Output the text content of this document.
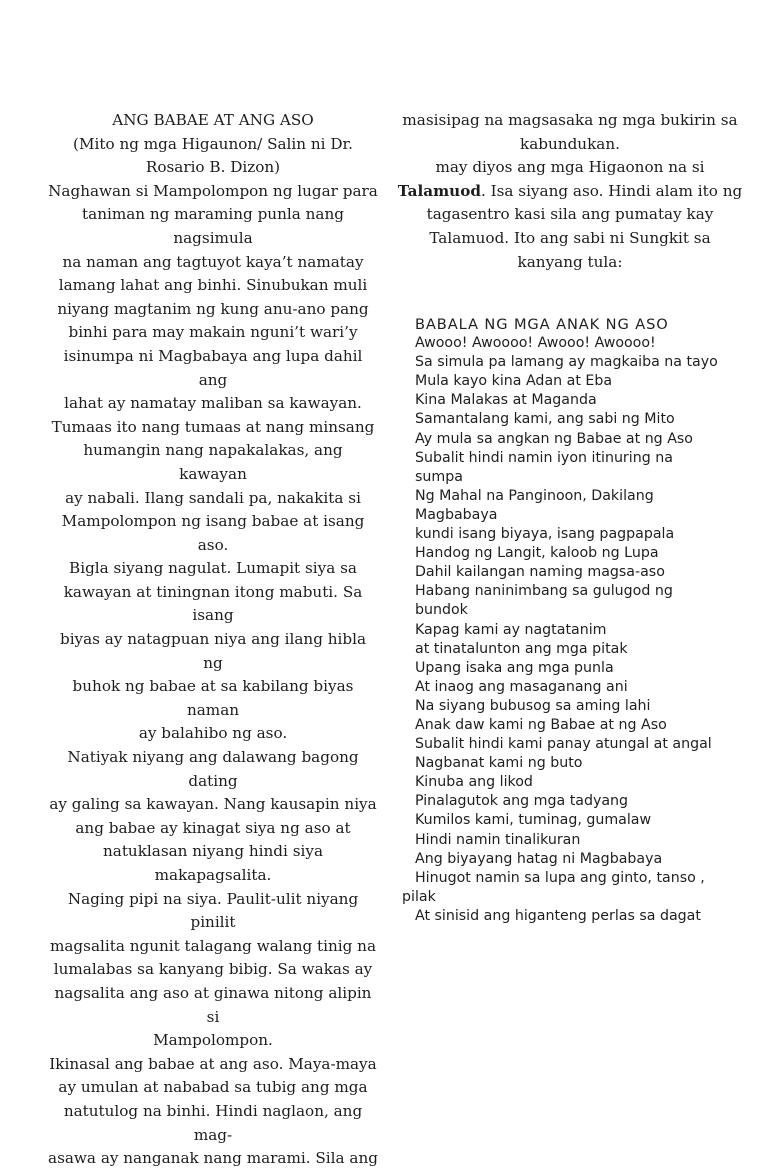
ANG BABAE AT ANG ASO

(Mito ng mga Higaunon/ Salin ni Dr.

Rosario B. Dizon)

Naghawan si Mampolompon ng lugar para

taniman ng maraming punla nang nagsimula

na naman ang tagtuyot kaya’t namatay

lamang lahat ang binhi. Sinubukan muli

niyang magtanim ng kung anu-ano pang

binhi para may makain nguni’t wari’y

isinumpa ni Magbabaya ang lupa dahil ang

lahat ay namatay maliban sa kawayan.

Tumaas ito nang tumaas at nang minsang

humangin nang napakalakas, ang kawayan

ay nabali. Ilang sandali pa, nakakita si

Mampolompon ng isang babae at isang aso.

Bigla siyang nagulat. Lumapit siya sa

kawayan at tiningnan itong mabuti. Sa isang

biyas ay natagpuan niya ang ilang hibla ng

buhok ng babae at sa kabilang biyas naman

ay balahibo ng aso.

Natiyak niyang ang dalawang bagong dating

ay galing sa kawayan. Nang kausapin niya

ang babae ay kinagat siya ng aso at

natuklasan niyang hindi siya makapagsalita.

Naging pipi na siya. Paulit-ulit niyang pinilit

magsalita ngunit talagang walang tinig na

lumalabas sa kanyang bibig. Sa wakas ay

nagsalita ang aso at ginawa nitong alipin si

Mampolompon.

Ikinasal ang babae at ang aso. Maya-maya

ay umulan at nababad sa tubig ang mga

natutulog na binhi. Hindi naglaon, ang mag-

asawa ay nanganak nang marami. Sila ang

masisipag na magsasaka ng mga bukirin sa

kabundukan.

may diyos ang mga Higaonon na si

Talamuod. Isa siyang aso. Hindi alam ito ng

tagasentro kasi sila ang pumatay kay

Talamuod. Ito ang sabi ni Sungkit sa

kanyang tula:

BABALA NG MGA ANAK NG ASO

Awooo! Awoooo! Awooo! Awoooo!
Sa simula pa lamang ay magkaiba na tayo
Mula kayo kina Adan at Eba
Kina Malakas at Maganda
Samantalang kami, ang sabi ng Mito
Ay mula sa angkan ng Babae at ng Aso
Subalit hindi namin iyon itinuring na
sumpa
Ng Mahal na Panginoon, Dakilang
Magbabaya
kundi isang biyaya, isang pagpapala
Handog ng Langit, kaloob ng Lupa
Dahil kailangan naming magsa-aso
Habang naninimbang sa gulugod ng
bundok
Kapag kami ay nagtatanim
at tinatalunton ang mga pitak
Upang isaka ang mga punla
At inaog ang masaganang ani
Na siyang bubusog sa aming lahi
Anak daw kami ng Babae at ng Aso
Subalit hindi kami panay atungal at angal
Nagbanat kami ng buto
Kinuba ang likod
Pinalagutok ang mga tadyang
Kumilos kami, tuminag, gumalaw
Hindi namin tinalikuran
Ang biyayang hatag ni Magbabaya
Hinugot namin sa lupa ang ginto, tanso ,
pilak
At sinisid ang higanteng perlas sa dagat
